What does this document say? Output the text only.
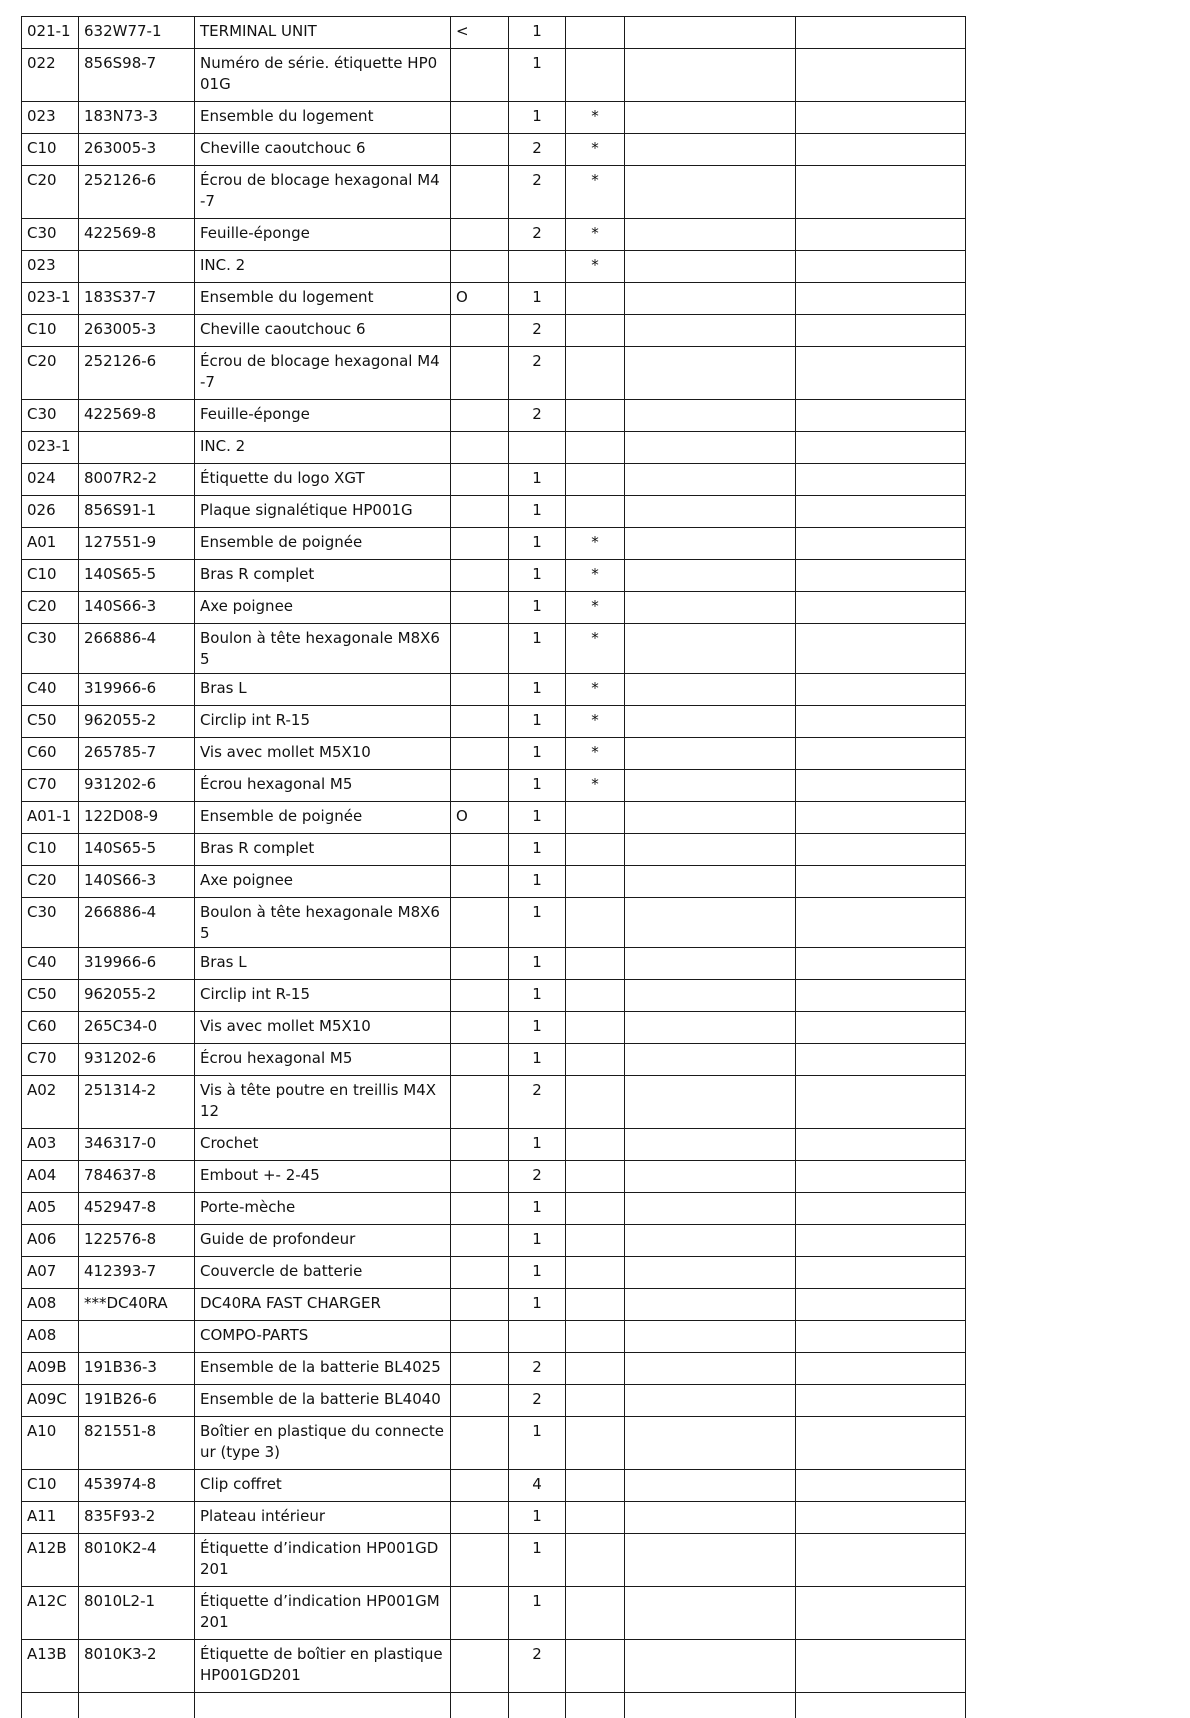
021-1	632W77-1	TERMINAL UNIT	<	1			
022	856S98-7	Numéro de série. étiquette HP00​1G		1			
023	183N73-3	Ensemble du logement		1	*		
C10	263005-3	Cheville caoutchouc 6		2	*		
C20	252126-6	Écrou de blocage hexagonal M4-​7		2	*		
C30	422569-8	Feuille-éponge		2	*		
023		INC. 2			*		
023-1	183S37-7	Ensemble du logement	O	1			
C10	263005-3	Cheville caoutchouc 6		2			
C20	252126-6	Écrou de blocage hexagonal M4-​7		2			
C30	422569-8	Feuille-éponge		2			
023-1		INC. 2					
024	8007R2-2	Étiquette du logo XGT		1			
026	856S91-1	Plaque signalétique HP001G		1			
A01	127551-9	Ensemble de poignée		1	*		
C10	140S65-5	Bras R complet		1	*		
C20	140S66-3	Axe poignee		1	*		
C30	266886-4	Boulon à tête hexagonale M8X65		1	*		
C40	319966-6	Bras L		1	*		
C50	962055-2	Circlip int R-15		1	*		
C60	265785-7	Vis avec mollet M5X10		1	*		
C70	931202-6	Écrou hexagonal M5		1	*		
A01-1	122D08-9	Ensemble de poignée	O	1			
C10	140S65-5	Bras R complet		1			
C20	140S66-3	Axe poignee		1			
C30	266886-4	Boulon à tête hexagonale M8X65		1			
C40	319966-6	Bras L		1			
C50	962055-2	Circlip int R-15		1			
C60	265C34-0	Vis avec mollet M5X10		1			
C70	931202-6	Écrou hexagonal M5		1			
A02	251314-2	Vis à tête poutre en treillis M4X1​2		2			
A03	346317-0	Crochet		1			
A04	784637-8	Embout +- 2-45		2			
A05	452947-8	Porte-mèche		1			
A06	122576-8	Guide de profondeur		1			
A07	412393-7	Couvercle de batterie		1			
A08	***DC40RA	DC40RA FAST CHARGER		1			
A08		COMPO-PARTS					
A09B	191B36-3	Ensemble de la batterie BL4025		2			
A09C	191B26-6	Ensemble de la batterie BL4040		2			
A10	821551-8	Boîtier en plastique du connecte​ur (type 3)		1			
C10	453974-8	Clip coffret		4			
A11	835F93-2	Plateau intérieur		1			
A12B	8010K2-4	Étiquette d’indication HP001GD2​01		1			
A12C	8010L2-1	Étiquette d’indication HP001GM2​01		1			
A13B	8010K3-2	Étiquette de boîtier en plastique HP001GD201		2			
